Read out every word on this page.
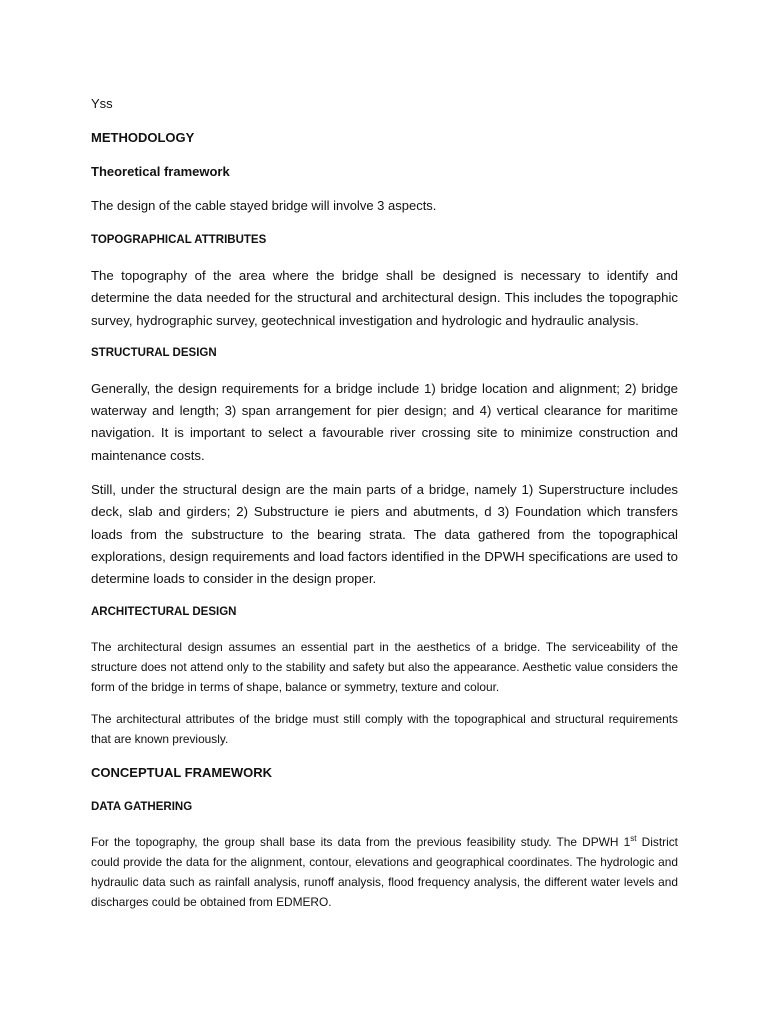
Yss

METHODOLOGY

Theoretical framework

The design of the cable stayed bridge will involve 3 aspects.

TOPOGRAPHICAL ATTRIBUTES

The topography of the area where the bridge shall be designed is necessary to identify and determine the data needed for the structural and architectural design. This includes the topographic survey, hydrographic survey, geotechnical investigation and hydrologic and hydraulic analysis.

STRUCTURAL DESIGN

Generally, the design requirements for a bridge include 1) bridge location and alignment; 2) bridge waterway and length; 3) span arrangement for pier design; and 4) vertical clearance for maritime navigation. It is important to select a favourable river crossing site to minimize construction and maintenance costs.

Still, under the structural design are the main parts of a bridge, namely 1) Superstructure includes deck, slab and girders; 2) Substructure ie piers and abutments, d 3) Foundation which transfers loads from the substructure to the bearing strata. The data gathered from the topographical explorations, design requirements and load factors identified in the DPWH specifications are used to determine loads to consider in the design proper.

ARCHITECTURAL DESIGN

The architectural design assumes an essential part in the aesthetics of a bridge. The serviceability of the structure does not attend only to the stability and safety but also the appearance. Aesthetic value considers the form of the bridge in terms of shape, balance or symmetry, texture and colour.

The architectural attributes of the bridge must still comply with the topographical and structural requirements that are known previously.

CONCEPTUAL FRAMEWORK

DATA GATHERING

For the topography, the group shall base its data from the previous feasibility study. The DPWH 1st District could provide the data for the alignment, contour, elevations and geographical coordinates. The hydrologic and hydraulic data such as rainfall analysis, runoff analysis, flood frequency analysis, the different water levels and discharges could be obtained from EDMERO.
